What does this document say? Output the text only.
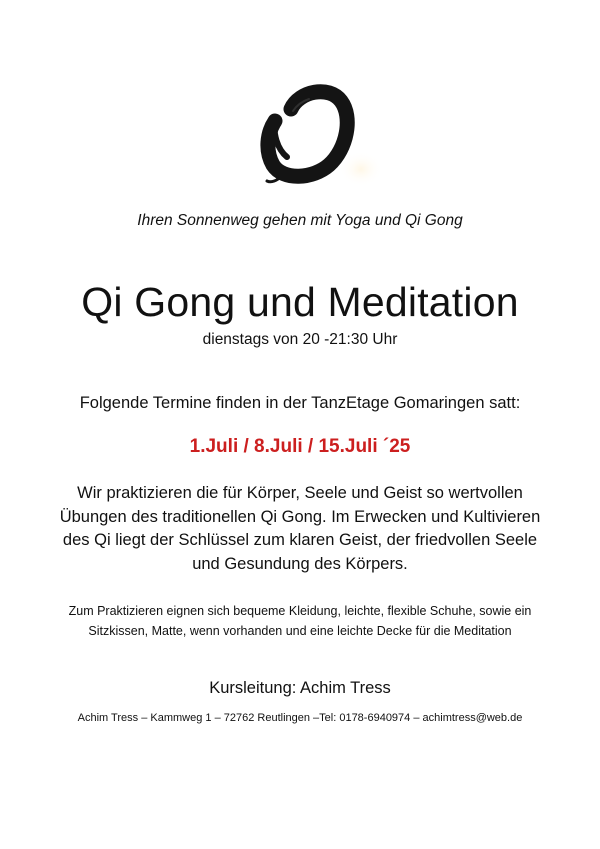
Ihren Sonnenweg gehen mit Yoga und Qi Gong
Qi Gong und Meditation
dienstags von 20 -21:30 Uhr
Folgende Termine finden in der TanzEtage Gomaringen satt:
1.Juli / 8.Juli / 15.Juli ´25

Wir praktizieren die für Körper, Seele und Geist so wertvollen
Übungen des traditionellen Qi Gong. Im Erwecken und Kultivieren
des Qi liegt der Schlüssel zum klaren Geist, der friedvollen Seele
und Gesundung des Körpers.

Zum Praktizieren eignen sich bequeme Kleidung, leichte, flexible Schuhe, sowie ein
Sitzkissen, Matte, wenn vorhanden und eine leichte Decke für die Meditation

Kursleitung: Achim Tress
Achim Tress – Kammweg 1 – 72762 Reutlingen –Tel: 0178-6940974 – achimtress@web.de
